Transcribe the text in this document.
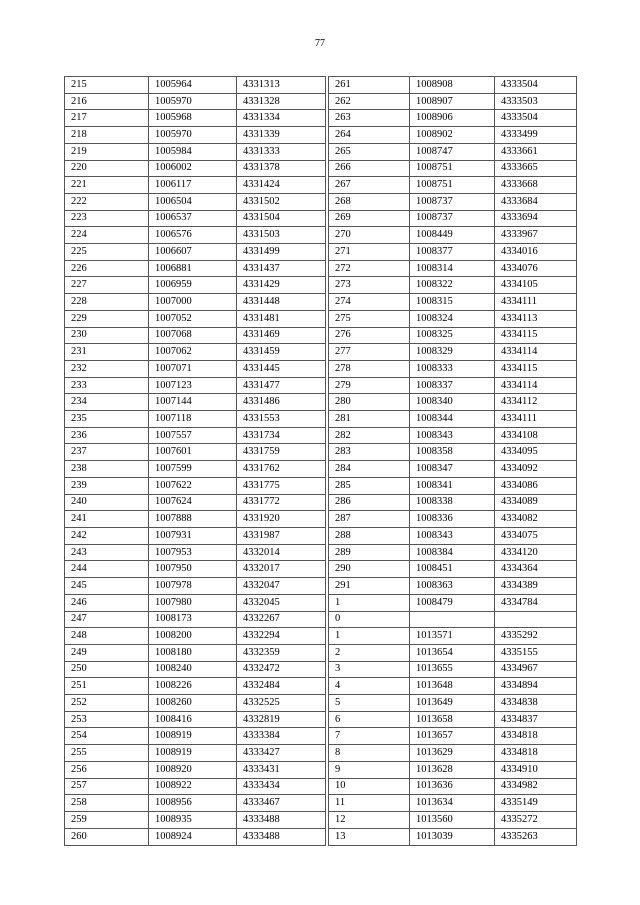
77
215	1005964	4331313
216	1005970	4331328
217	1005968	4331334
218	1005970	4331339
219	1005984	4331333
220	1006002	4331378
221	1006117	4331424
222	1006504	4331502
223	1006537	4331504
224	1006576	4331503
225	1006607	4331499
226	1006881	4331437
227	1006959	4331429
228	1007000	4331448
229	1007052	4331481
230	1007068	4331469
231	1007062	4331459
232	1007071	4331445
233	1007123	4331477
234	1007144	4331486
235	1007118	4331553
236	1007557	4331734
237	1007601	4331759
238	1007599	4331762
239	1007622	4331775
240	1007624	4331772
241	1007888	4331920
242	1007931	4331987
243	1007953	4332014
244	1007950	4332017
245	1007978	4332047
246	1007980	4332045
247	1008173	4332267
248	1008200	4332294
249	1008180	4332359
250	1008240	4332472
251	1008226	4332484
252	1008260	4332525
253	1008416	4332819
254	1008919	4333384
255	1008919	4333427
256	1008920	4333431
257	1008922	4333434
258	1008956	4333467
259	1008935	4333488
260	1008924	4333488
261	1008908	4333504
262	1008907	4333503
263	1008906	4333504
264	1008902	4333499
265	1008747	4333661
266	1008751	4333665
267	1008751	4333668
268	1008737	4333684
269	1008737	4333694
270	1008449	4333967
271	1008377	4334016
272	1008314	4334076
273	1008322	4334105
274	1008315	4334111
275	1008324	4334113
276	1008325	4334115
277	1008329	4334114
278	1008333	4334115
279	1008337	4334114
280	1008340	4334112
281	1008344	4334111
282	1008343	4334108
283	1008358	4334095
284	1008347	4334092
285	1008341	4334086
286	1008338	4334089
287	1008336	4334082
288	1008343	4334075
289	1008384	4334120
290	1008451	4334364
291	1008363	4334389
1	1008479	4334784
0		
1	1013571	4335292
2	1013654	4335155
3	1013655	4334967
4	1013648	4334894
5	1013649	4334838
6	1013658	4334837
7	1013657	4334818
8	1013629	4334818
9	1013628	4334910
10	1013636	4334982
11	1013634	4335149
12	1013560	4335272
13	1013039	4335263
